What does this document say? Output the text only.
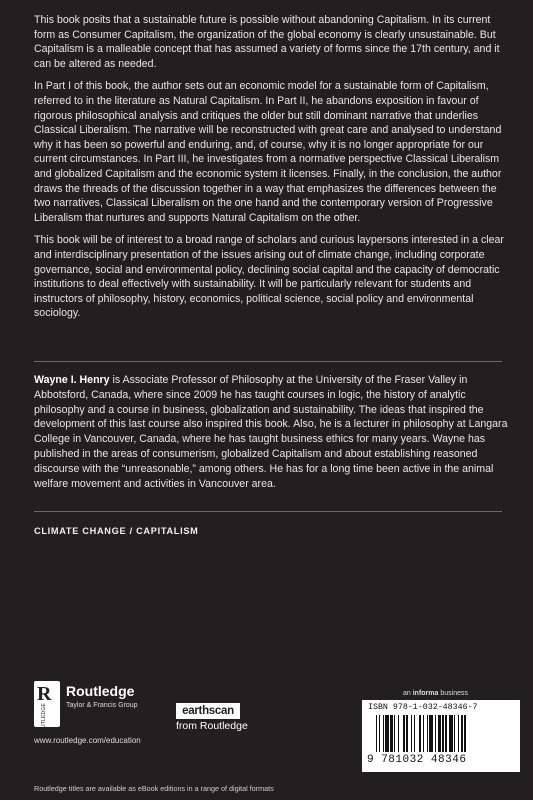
This book posits that a sustainable future is possible without abandoning Capitalism. In its current form as Consumer Capitalism, the organization of the global economy is clearly unsustainable. But Capitalism is a malleable concept that has assumed a variety of forms since the 17th century, and it can be altered as needed.

In Part I of this book, the author sets out an economic model for a sustainable form of Capitalism, referred to in the literature as Natural Capitalism. In Part II, he abandons exposition in favour of rigorous philosophical analysis and critiques the older but still dominant narrative that underlies Classical Liberalism. The narrative will be reconstructed with great care and analysed to understand why it has been so powerful and enduring, and, of course, why it is no longer appropriate for our current circumstances. In Part III, he investigates from a normative perspective Classical Liberalism and globalized Capitalism and the economic system it licenses. Finally, in the conclusion, the author draws the threads of the discussion together in a way that emphasizes the differences between the two narratives, Classical Liberalism on the one hand and the contemporary version of Progressive Liberalism that nurtures and supports Natural Capitalism on the other.

This book will be of interest to a broad range of scholars and curious laypersons interested in a clear and interdisciplinary presentation of the issues arising out of climate change, including corporate governance, social and environmental policy, declining social capital and the capacity of democratic institutions to deal effectively with sustainability. It will be particularly relevant for students and instructors of philosophy, history, economics, political science, social policy and environmental sociology.

Wayne I. Henry is Associate Professor of Philosophy at the University of the Fraser Valley in Abbotsford, Canada, where since 2009 he has taught courses in logic, the history of analytic philosophy and a course in business, globalization and sustainability. The ideas that inspired the development of this last course also inspired this book. Also, he is a lecturer in philosophy at Langara College in Vancouver, Canada, where he has taught business ethics for many years. Wayne has published in the areas of consumerism, globalized Capitalism and about establishing reasoned discourse with the “unreasonable,” among others. He has for a long time been active in the animal welfare movement and activities in Vancouver area.
CLIMATE CHANGE / CAPITALISM
R
ROUTLEDGE
Routledge
Taylor & Francis Group
www.routledge.com/education
earthscan
from Routledge
an informa business
ISBN 978-1-032-48346-7
9 781032 48346
Routledge titles are available as eBook editions in a range of digital formats
